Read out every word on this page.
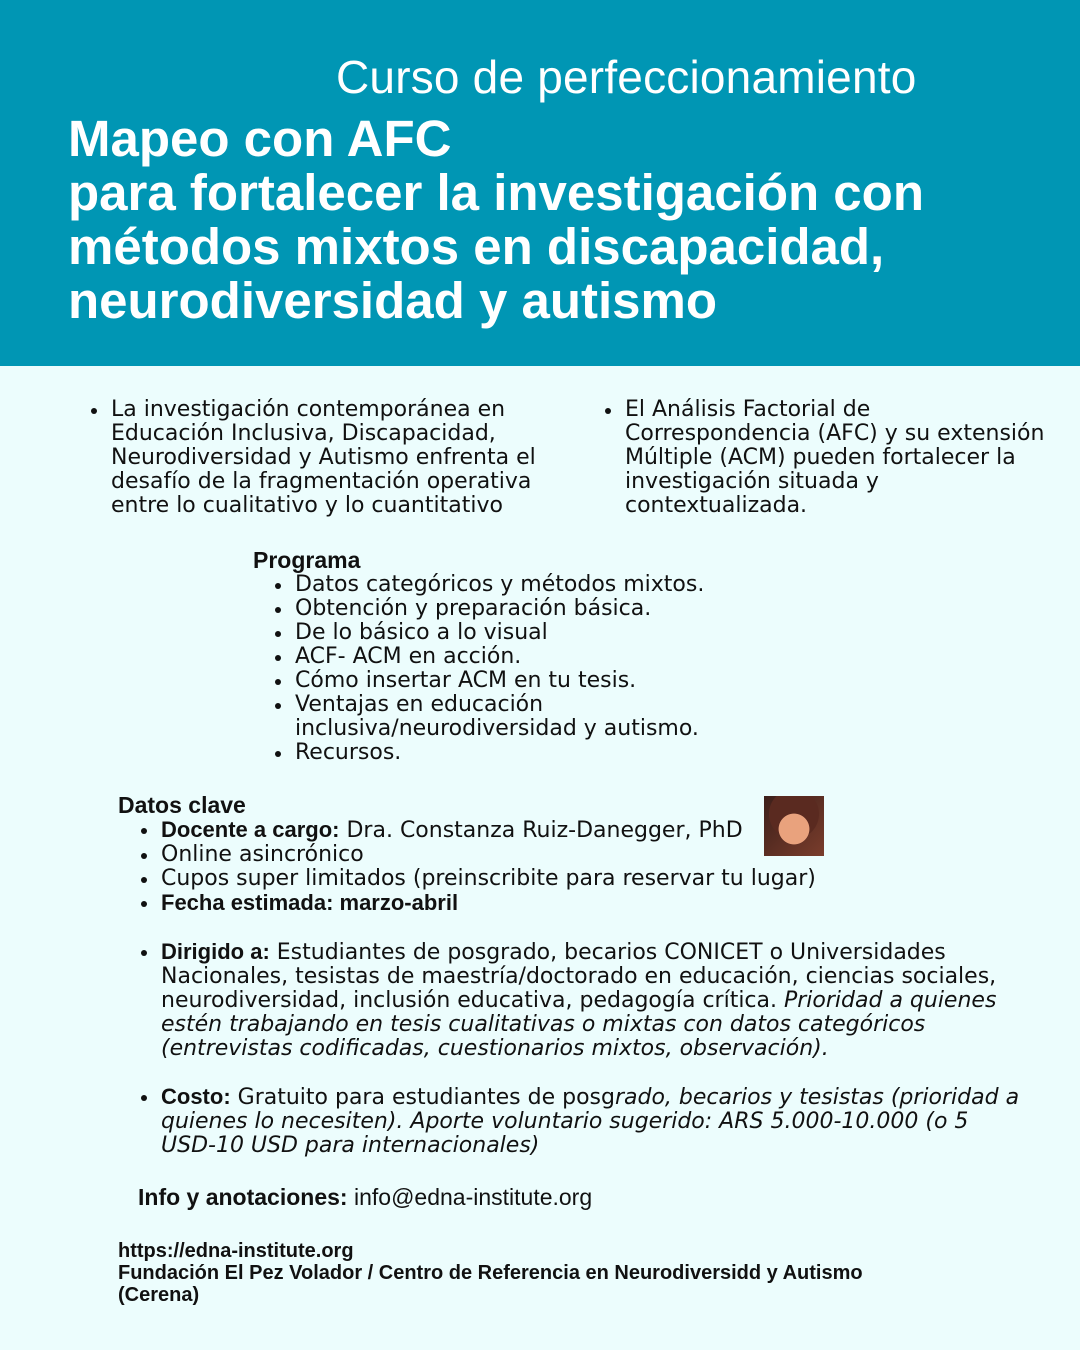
Curso de perfeccionamiento
Mapeo con AFC
para fortalecer la investigación con
métodos mixtos en discapacidad,
neurodiversidad y autismo
La investigación contemporánea en Educación Inclusiva, Discapacidad, Neurodiversidad y Autismo enfrenta el desafío de la fragmentación operativa entre lo cualitativo y lo cuantitativo
El Análisis Factorial de Correspondencia (AFC) y su extensión Múltiple (ACM) pueden fortalecer la investigación situada y contextualizada.
Programa
Datos categóricos y métodos mixtos.
Obtención y preparación básica.
De lo básico a lo visual
ACF- ACM en acción.
Cómo insertar ACM en tu tesis.
Ventajas en educación inclusiva/neurodiversidad y autismo.
Recursos.
Datos clave
Docente a cargo: Dra. Constanza Ruiz-Danegger, PhD
Online asincrónico
Cupos super limitados (preinscribite para reservar tu lugar)
Fecha estimada: marzo-abril
Dirigido a: Estudiantes de posgrado, becarios CONICET o Universidades Nacionales, tesistas de maestría/doctorado en educación, ciencias sociales, neurodiversidad, inclusión educativa, pedagogía crítica. Prioridad a quienes estén trabajando en tesis cualitativas o mixtas con datos categóricos (entrevistas codificadas, cuestionarios mixtos, observación).
Costo: Gratuito para estudiantes de posgrado, becarios y tesistas (prioridad a quienes lo necesiten). Aporte voluntario sugerido: ARS 5.000-10.000 (o 5 USD-10 USD para internacionales)
Info y anotaciones: info@edna-institute.org
https://edna-institute.org
Fundación El Pez Volador / Centro de Referencia en Neurodiversidd y Autismo (Cerena)
